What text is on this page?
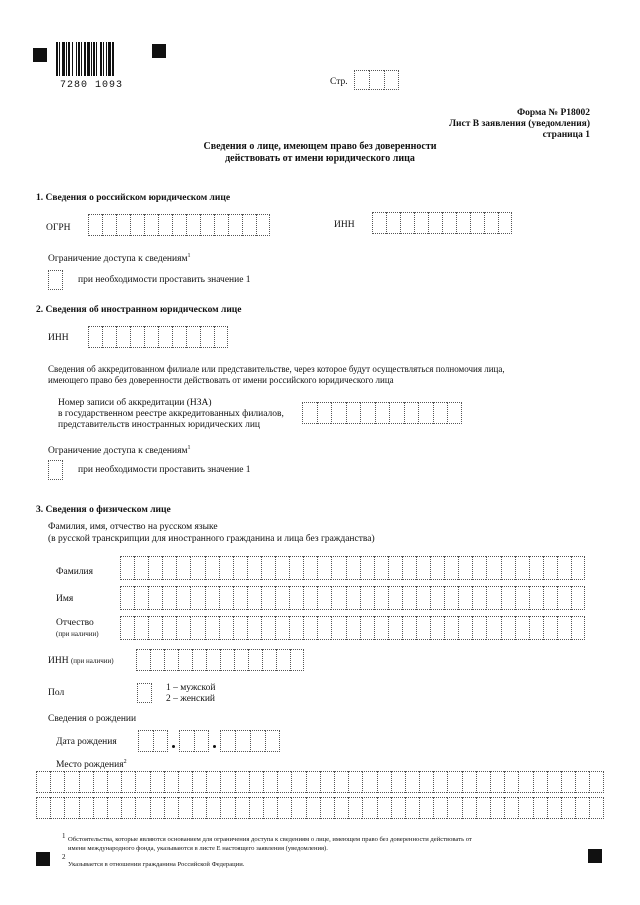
7280 1093	Стр.
Форма № Р18002
Лист В заявления (уведомления)
страница 1
Сведения о лице, имеющем право без доверенности
действовать от имени юридического лица
1. Сведения о российском юридическом лице
ОГРН	ИНН
Ограничение доступа к сведениям$^1$
при необходимости проставить значение 1
2. Сведения об иностранном юридическом лице
ИНН
Сведения об аккредитованном филиале или представительстве, через которое будут осуществляться полномочия лица,
имеющего право без доверенности действовать от имени российского юридического лица
Номер записи об аккредитации (НЗА)
в государственном реестре аккредитованных филиалов,
представительств иностранных юридических лиц
Ограничение доступа к сведениям$^1$
при необходимости проставить значение 1
3. Сведения о физическом лице
Фамилия, имя, отчество на русском языке
(в русской транскрипции для иностранного гражданина и лица без гражданства)
Фамилия
Имя
Отчество
(при наличии)
ИНН (при наличии)
Пол	1 – мужской
2 – женский
Сведения о рождении
Дата рождения
Место рождения$^2$
1 Обстоятельства, которые являются основанием для ограничения доступа к сведениям о лице, имеющем право без доверенности действовать от
имени международного фонда, указываются в листе Е настоящего заявления (уведомления).
2
Указывается в отношении гражданина Российской Федерации.
